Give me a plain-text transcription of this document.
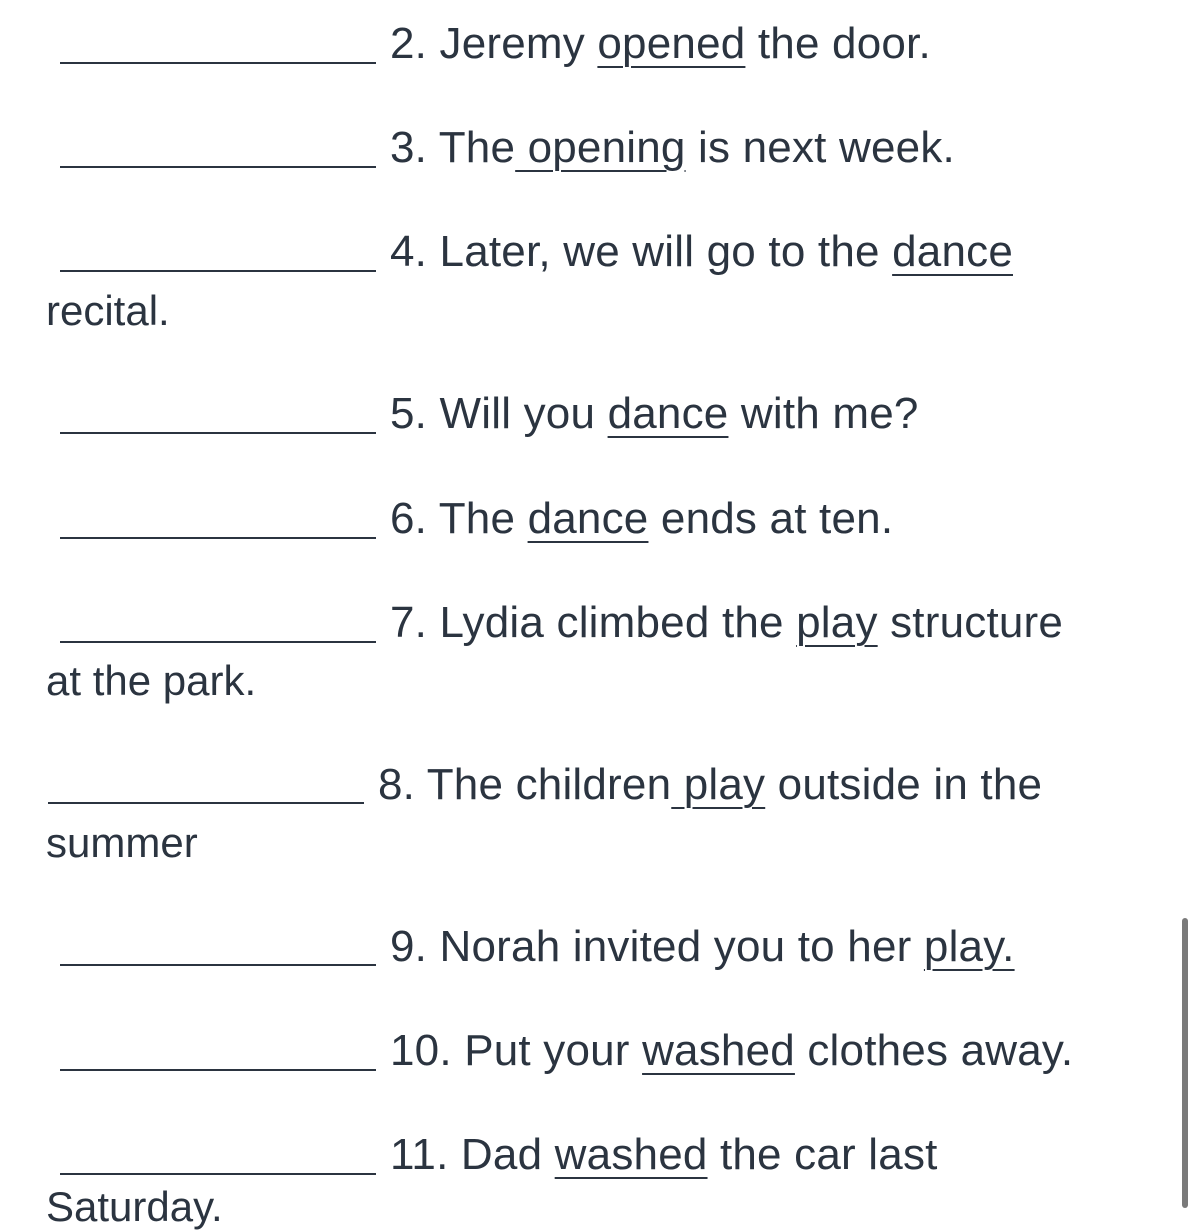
2. Jeremy opened the door.
3. The opening is next week.
4. Later, we will go to the dance
recital.
5. Will you dance with me?
6. The dance ends at ten.
7. Lydia climbed the play structure
at the park.
8. The children play outside in the
summer
9. Norah invited you to her play.
10. Put your washed clothes away.
11. Dad washed the car last
Saturday.
